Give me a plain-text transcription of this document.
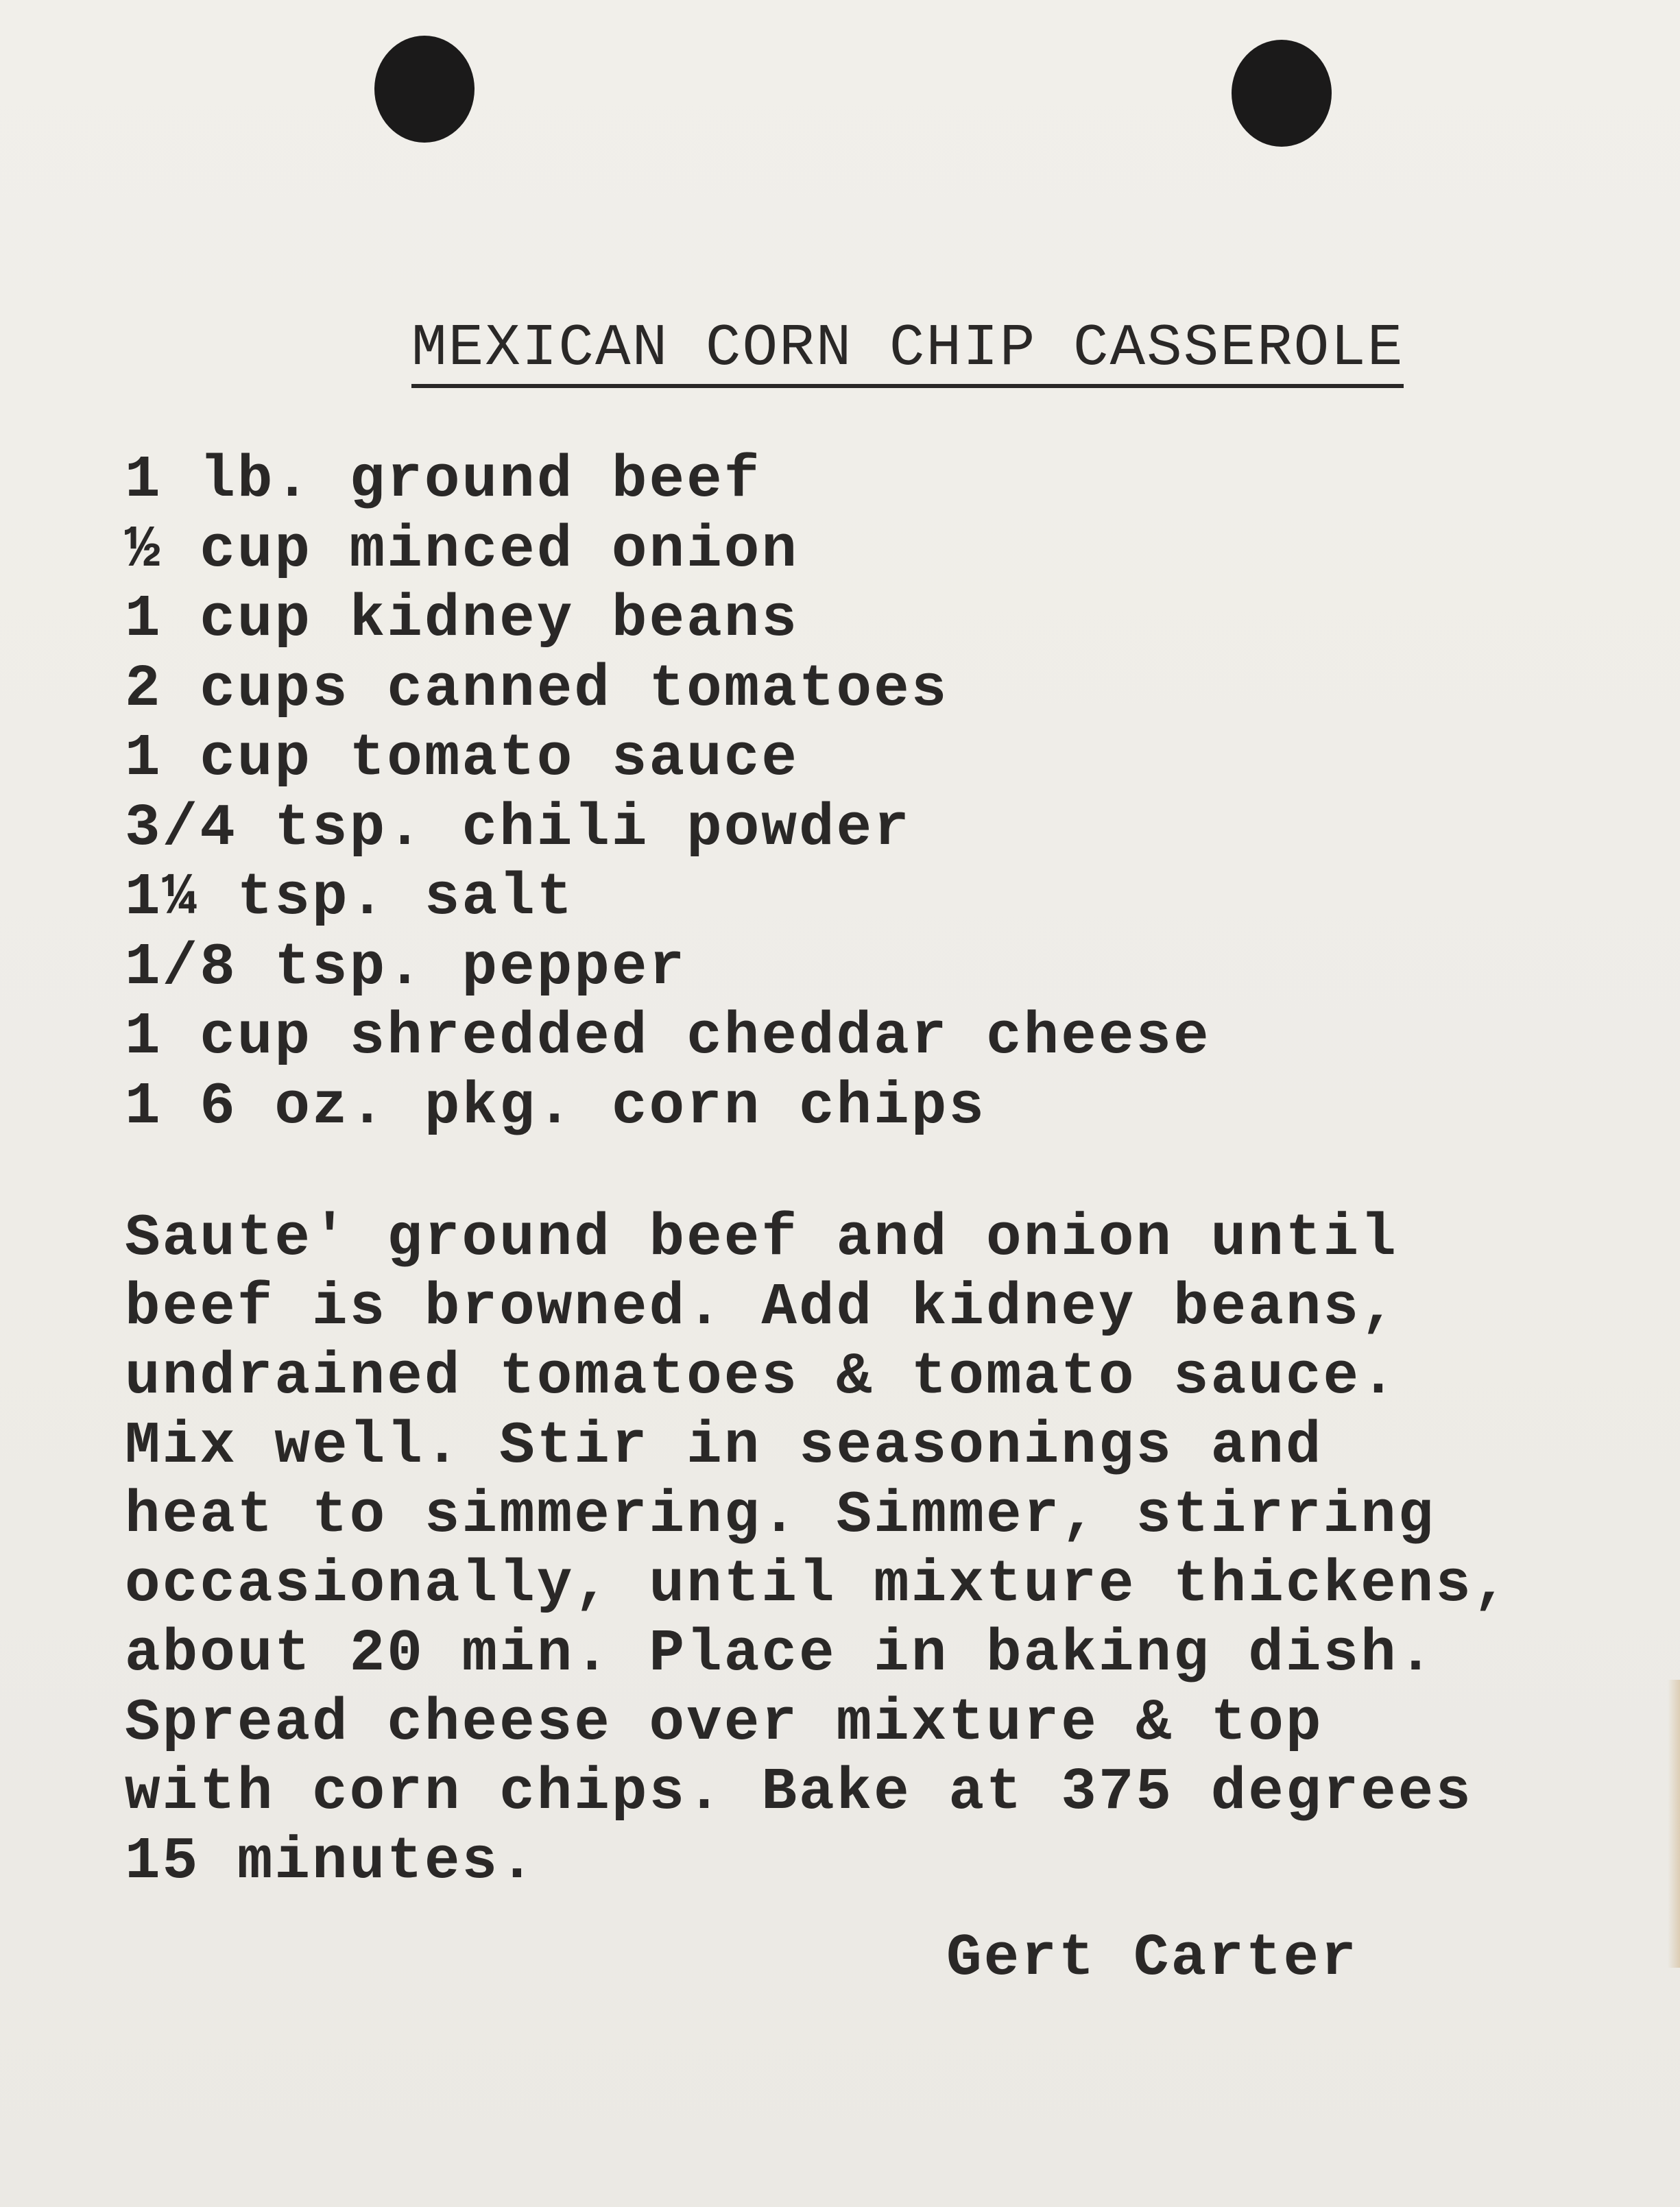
MEXICAN CORN CHIP CASSEROLE
1 lb. ground beef
½ cup minced onion
1 cup kidney beans
2 cups canned tomatoes
1 cup tomato sauce
3/4 tsp. chili powder
1¼ tsp. salt
1/8 tsp. pepper
1 cup shredded cheddar cheese
1 6 oz. pkg. corn chips

Saute' ground beef and onion until
beef is browned. Add kidney beans,
undrained tomatoes & tomato sauce.
Mix well. Stir in seasonings and
heat to simmering. Simmer, stirring
occasionally, until mixture thickens,
about 20 min. Place in baking dish.
Spread cheese over mixture & top
with corn chips. Bake at 375 degrees
15 minutes.

Gert Carter
